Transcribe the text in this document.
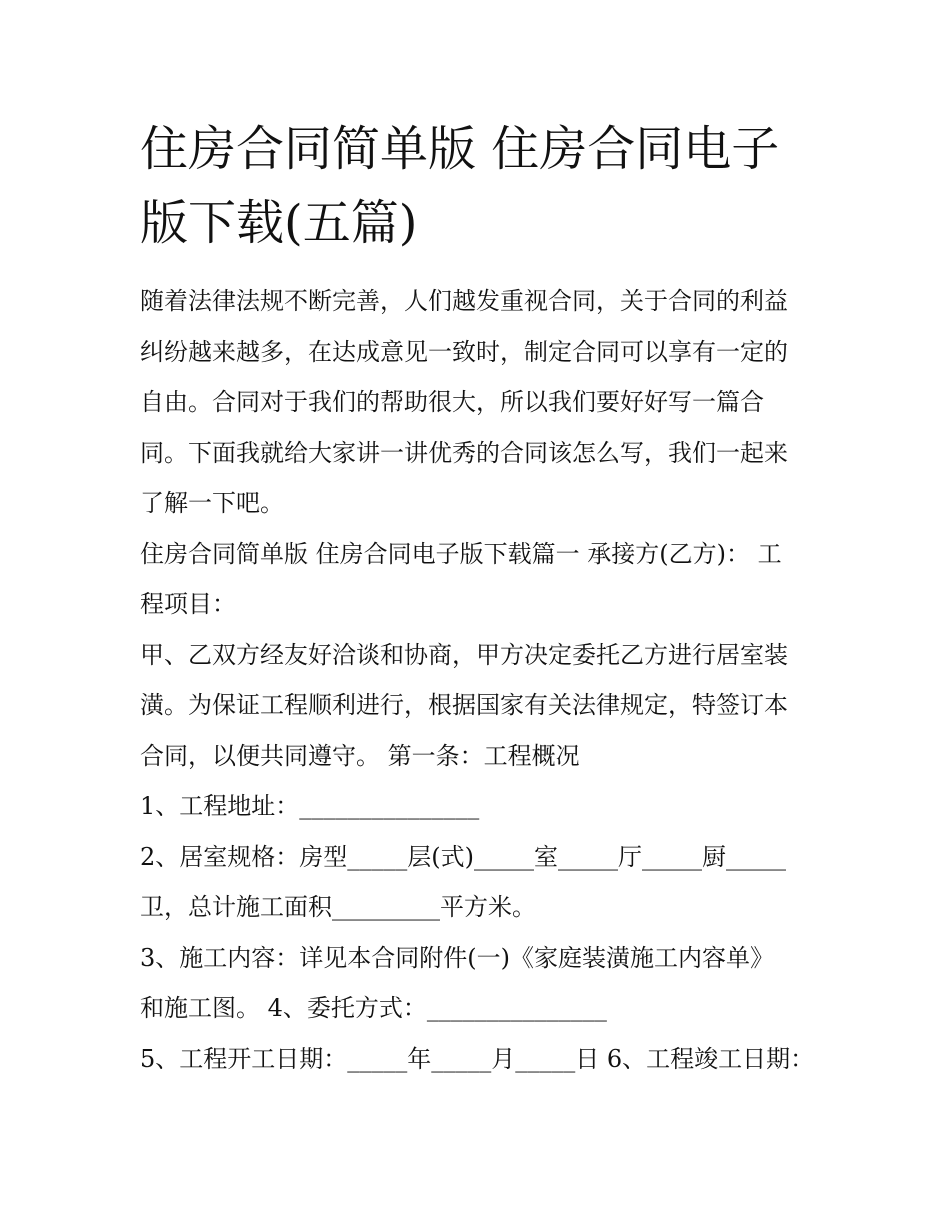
住房合同简单版 住房合同电子
版下载(五篇)
随着法律法规不断完善，人们越发重视合同，关于合同的利益
纠纷越来越多，在达成意见一致时，制定合同可以享有一定的
自由。合同对于我们的帮助很大，所以我们要好好写一篇合
同。下面我就给大家讲一讲优秀的合同该怎么写，我们一起来
了解一下吧。
住房合同简单版 住房合同电子版下载篇一 承接方(乙方)： 工
程项目：
甲、乙双方经友好洽谈和协商，甲方决定委托乙方进行居室装
潢。为保证工程顺利进行，根据国家有关法律规定，特签订本
合同，以便共同遵守。 第一条：工程概况
1、工程地址：_______________
2、居室规格：房型_____层(式)_____室_____厅_____厨_____
卫，总计施工面积_________平方米。
3、施工内容：详见本合同附件(一)《家庭装潢施工内容单》
和施工图。 4、委托方式：_______________
5、工程开工日期：_____年_____月_____日 6、工程竣工日期：
